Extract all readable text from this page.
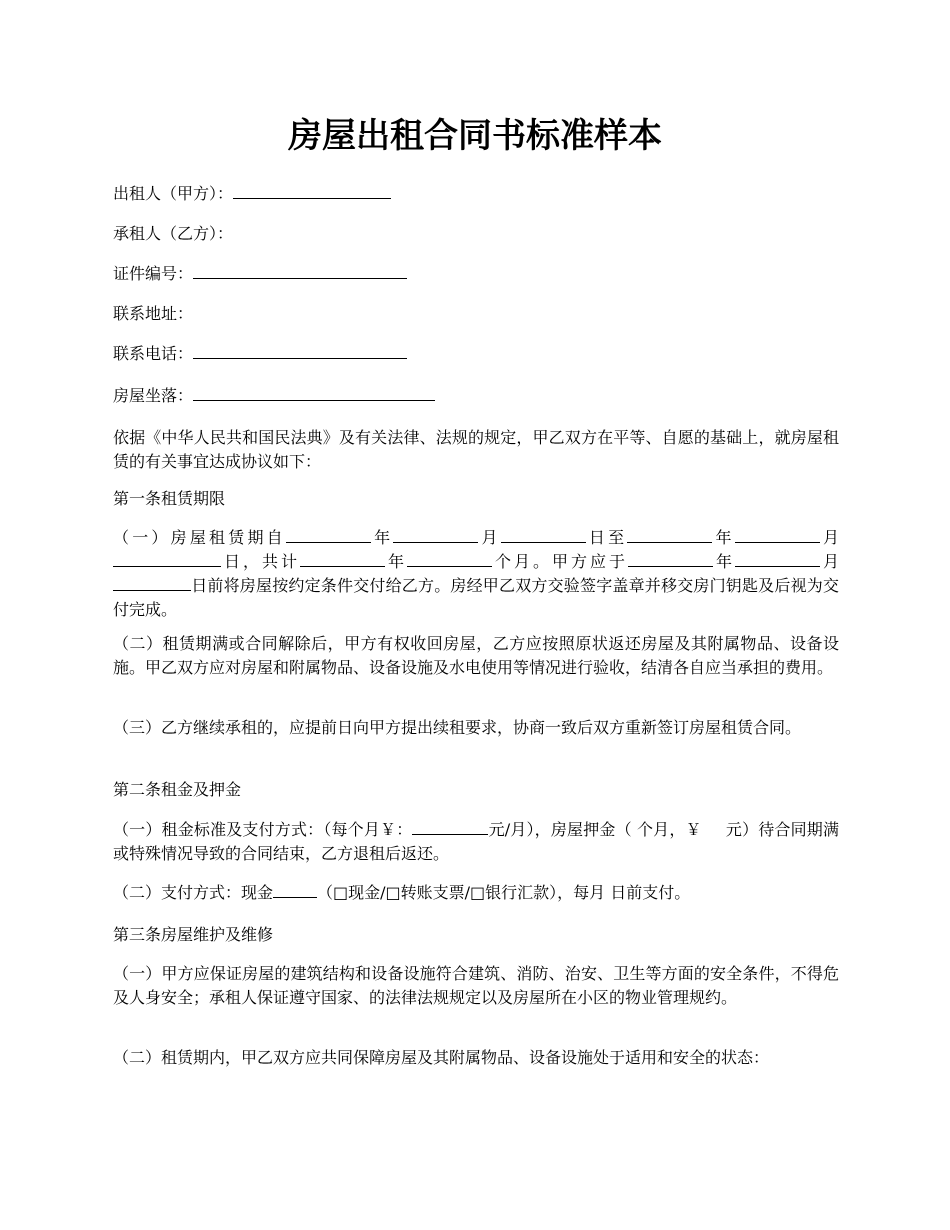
房屋出租合同书标准样本

出租人（甲方）：

承租人（乙方）：

证件编号：

联系地址：

联系电话：

房屋坐落：

依据《中华人民共和国民法典》及有关法律、法规的规定，甲乙双方在平等、自愿的基础上，就房屋租赁的有关事宜达成协议如下：

第一条租赁期限

（一）房屋租赁期自	年	月	日至	年	月日，共计	年	个月。甲方应于	年	月日前将房屋按约定条件交付给乙方。房经甲乙双方交验签字盖章并移交房门钥匙及后视为交付完成。

（二）租赁期满或合同解除后，甲方有权收回房屋，乙方应按照原状返还房屋及其附属物品、设备设施。甲乙双方应对房屋和附属物品、设备设施及水电使用等情况进行验收，结清各自应当承担的费用。

（三）乙方继续承租的，应提前日向甲方提出续租要求，协商一致后双方重新签订房屋租赁合同。

第二条租金及押金

（一）租金标准及支付方式：（每个月￥：	元/月），房屋押金（ 个月，￥ 元）待合同期满或特殊情况导致的合同结束，乙方退租后返还。

（二）支付方式：现金	（□现金/□转账支票/□银行汇款），每月 日前支付。

第三条房屋维护及维修

（一）甲方应保证房屋的建筑结构和设备设施符合建筑、消防、治安、卫生等方面的安全条件，不得危及人身安全；承租人保证遵守国家、的法律法规规定以及房屋所在小区的物业管理规约。

（二）租赁期内，甲乙双方应共同保障房屋及其附属物品、设备设施处于适用和安全的状态：
